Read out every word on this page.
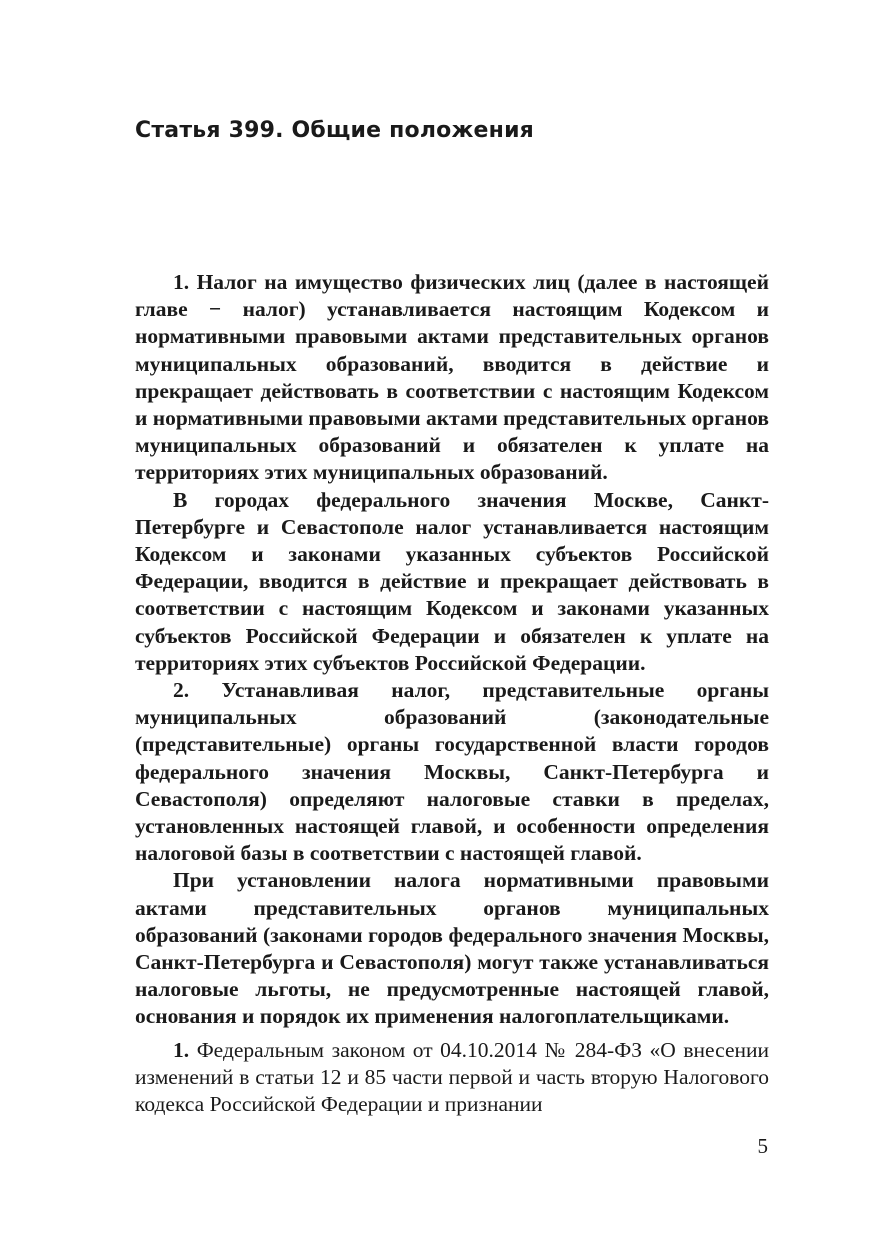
Статья 399. Общие положения

1. Налог на имущество физических лиц (далее в настоящей главе − налог) устанавливается настоящим Кодексом и нормативными правовыми актами представительных органов муниципальных образований, вводится в действие и прекращает действовать в соответствии с настоящим Кодексом и нормативными правовыми актами представительных органов муниципальных образований и обязателен к уплате на территориях этих муниципальных образований.

В городах федерального значения Москве, Санкт-Петербурге и Севастополе налог устанавливается настоящим Кодексом и законами указанных субъектов Российской Федерации, вводится в действие и прекращает действовать в соответствии с настоящим Кодексом и законами указанных субъектов Российской Федерации и обязателен к уплате на территориях этих субъектов Российской Федерации.

2. Устанавливая налог, представительные органы муниципальных образований (законодательные (представительные) органы государственной власти городов федерального значения Москвы, Санкт-Петербурга и Севастополя) определяют налоговые ставки в пределах, установленных настоящей главой, и особенности определения налоговой базы в соответствии с настоящей главой.

При установлении налога нормативными правовыми актами представительных органов муниципальных образований (законами городов федерального значения Москвы, Санкт-Петербурга и Севастополя) могут также устанавливаться налоговые льготы, не предусмотренные настоящей главой, основания и порядок их применения налогоплательщиками.

1. Федеральным законом от 04.10.2014 № 284-ФЗ «О внесении изменений в статьи 12 и 85 части первой и часть вторую Налогового кодекса Российской Федерации и признании

5
